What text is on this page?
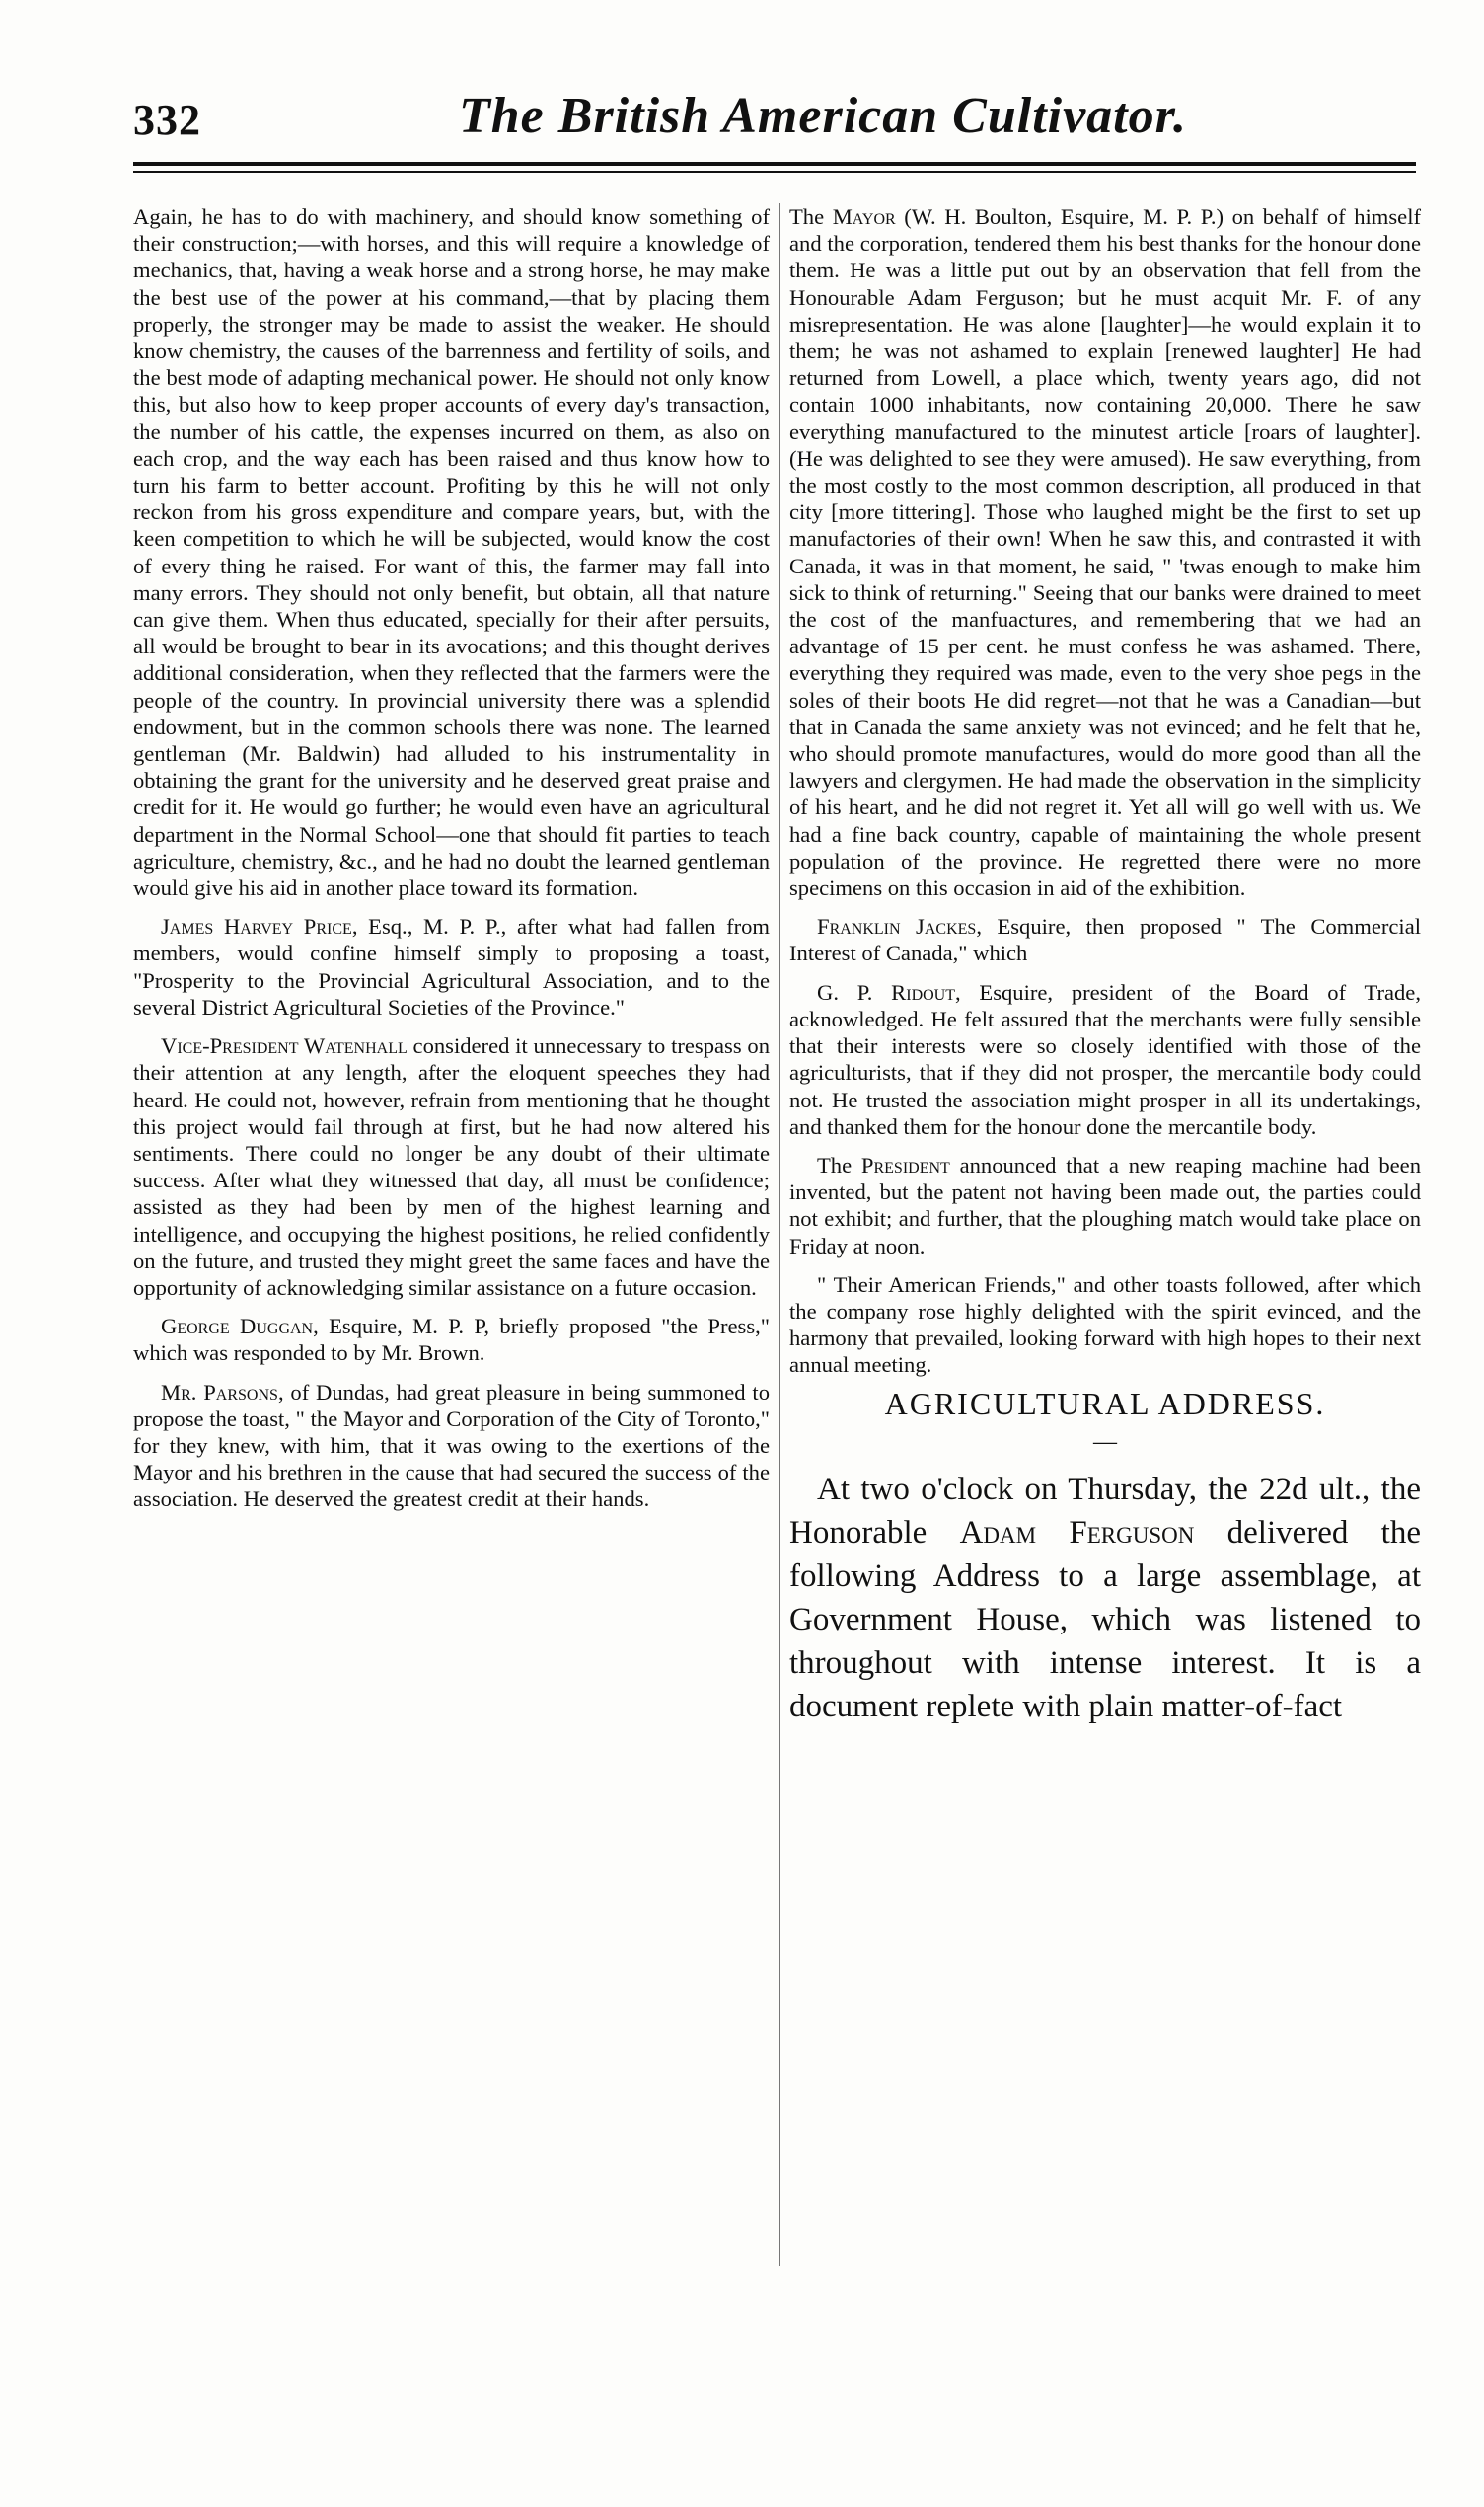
332	The British American Cultivator.

Again, he has to do with machinery, and should know something of their construction;—with horses, and this will require a knowledge of mechanics, that, having a weak horse and a strong horse, he may make the best use of the power at his command,—that by placing them properly, the stronger may be made to assist the weaker. He should know chemistry, the causes of the barrenness and fertility of soils, and the best mode of adapting mechanical power. He should not only know this, but also how to keep proper accounts of every day's transaction, the number of his cattle, the expenses incurred on them, as also on each crop, and the way each has been raised and thus know how to turn his farm to better account. Profiting by this he will not only reckon from his gross expenditure and compare years, but, with the keen competition to which he will be subjected, would know the cost of every thing he raised. For want of this, the farmer may fall into many errors. They should not only benefit, but obtain, all that nature can give them. When thus educated, specially for their after persuits, all would be brought to bear in its avocations; and this thought derives additional consideration, when they reflected that the farmers were the people of the country. In provincial university there was a splendid endowment, but in the common schools there was none. The learned gentleman (Mr. Baldwin) had alluded to his instrumentality in obtaining the grant for the university and he deserved great praise and credit for it. He would go further; he would even have an agricultural department in the Normal School—one that should fit parties to teach agriculture, chemistry, &c., and he had no doubt the learned gentleman would give his aid in another place toward its formation.

James Harvey Price, Esq., M. P. P., after what had fallen from members, would confine himself simply to proposing a toast, "Prosperity to the Provincial Agricultural Association, and to the several District Agricultural Societies of the Province."

Vice-President Watenhall considered it unnecessary to trespass on their attention at any length, after the eloquent speeches they had heard. He could not, however, refrain from mentioning that he thought this project would fail through at first, but he had now altered his sentiments. There could no longer be any doubt of their ultimate success. After what they witnessed that day, all must be confidence; assisted as they had been by men of the highest learning and intelligence, and occupying the highest positions, he relied confidently on the future, and trusted they might greet the same faces and have the opportunity of acknowledging similar assistance on a future occasion.

George Duggan, Esquire, M. P. P, briefly proposed "the Press," which was responded to by Mr. Brown.

Mr. Parsons, of Dundas, had great pleasure in being summoned to propose the toast, " the Mayor and Corporation of the City of Toronto," for they knew, with him, that it was owing to the exertions of the Mayor and his brethren in the cause that had secured the success of the association. He deserved the greatest credit at their hands.

The Mayor (W. H. Boulton, Esquire, M. P. P.) on behalf of himself and the corporation, tendered them his best thanks for the honour done them. He was a little put out by an observation that fell from the Honourable Adam Ferguson; but he must acquit Mr. F. of any misrepresentation. He was alone [laughter]—he would explain it to them; he was not ashamed to explain [renewed laughter] He had returned from Lowell, a place which, twenty years ago, did not contain 1000 inhabitants, now containing 20,000. There he saw everything manufactured to the minutest article [roars of laughter]. (He was delighted to see they were amused). He saw everything, from the most costly to the most common description, all produced in that city [more tittering]. Those who laughed might be the first to set up manufactories of their own! When he saw this, and contrasted it with Canada, it was in that moment, he said, " 'twas enough to make him sick to think of returning." Seeing that our banks were drained to meet the cost of the manfuactures, and remembering that we had an advantage of 15 per cent. he must confess he was ashamed. There, everything they required was made, even to the very shoe pegs in the soles of their boots He did regret—not that he was a Canadian—but that in Canada the same anxiety was not evinced; and he felt that he, who should promote manufactures, would do more good than all the lawyers and clergymen. He had made the observation in the simplicity of his heart, and he did not regret it. Yet all will go well with us. We had a fine back country, capable of maintaining the whole present population of the province. He regretted there were no more specimens on this occasion in aid of the exhibition.

Franklin Jackes, Esquire, then proposed " The Commercial Interest of Canada," which

G. P. Ridout, Esquire, president of the Board of Trade, acknowledged. He felt assured that the merchants were fully sensible that their interests were so closely identified with those of the agriculturists, that if they did not prosper, the mercantile body could not. He trusted the association might prosper in all its undertakings, and thanked them for the honour done the mercantile body.

The President announced that a new reaping machine had been invented, but the patent not having been made out, the parties could not exhibit; and further, that the ploughing match would take place on Friday at noon.

" Their American Friends," and other toasts followed, after which the company rose highly delighted with the spirit evinced, and the harmony that prevailed, looking forward with high hopes to their next annual meeting.

AGRICULTURAL ADDRESS.

—

At two o'clock on Thursday, the 22d ult., the Honorable Adam Ferguson delivered the following Address to a large assemblage, at Government House, which was listened to throughout with intense interest. It is a document replete with plain matter-of-fact
